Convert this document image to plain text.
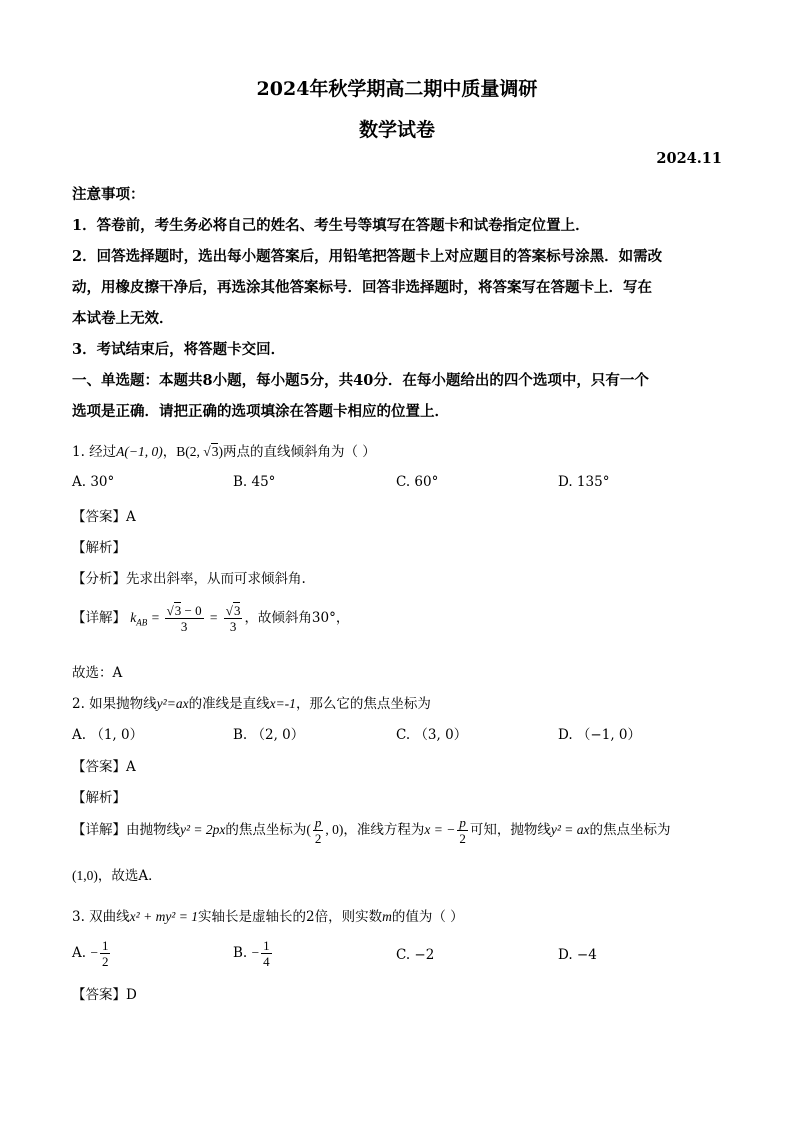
2024年秋学期高二期中质量调研
数学试卷
2024.11
注意事项：
1．答卷前，考生务必将自己的姓名、考生号等填写在答题卡和试卷指定位置上．
2．回答选择题时，选出每小题答案后，用铅笔把答题卡上对应题目的答案标号涂黑．如需改
动，用橡皮擦干净后，再选涂其他答案标号．回答非选择题时，将答案写在答题卡上．写在
本试卷上无效．
3．考试结束后，将答题卡交回．
一、单选题：本题共8小题，每小题5分，共40分．在每小题给出的四个选项中，只有一个
选项是正确．请把正确的选项填涂在答题卡相应的位置上．
1. 经过A(−1, 0)，B(2, √3)两点的直线倾斜角为（ ）
A. 30°	B. 45°	C. 60°	D. 135°
【答案】A
【解析】
【分析】先求出斜率，从而可求倾斜角.
【详解】 $k_{AB} = \frac{√3 - 0}{3} = \frac{√3}{3}$ ，故倾斜角30°，
故选：A
2. 如果抛物线y²=ax的准线是直线x=-1，那么它的焦点坐标为
A. （1, 0）	B. （2, 0）	C. （3, 0）	D. （−1, 0）
【答案】A
【解析】
【详解】由抛物线y² = 2px的焦点坐标为( $\frac{p}{2}$ , 0)，准线方程为x = − $\frac{p}{2}$ 可知，抛物线y² = ax的焦点坐标为
(1,0)，故选A．
3. 双曲线x² + my² = 1实轴长是虚轴长的2倍，则实数m的值为（ ）
A. − $\frac{1}{2}$	B. − $\frac{1}{4}$	C. −2	D. −4
【答案】D
